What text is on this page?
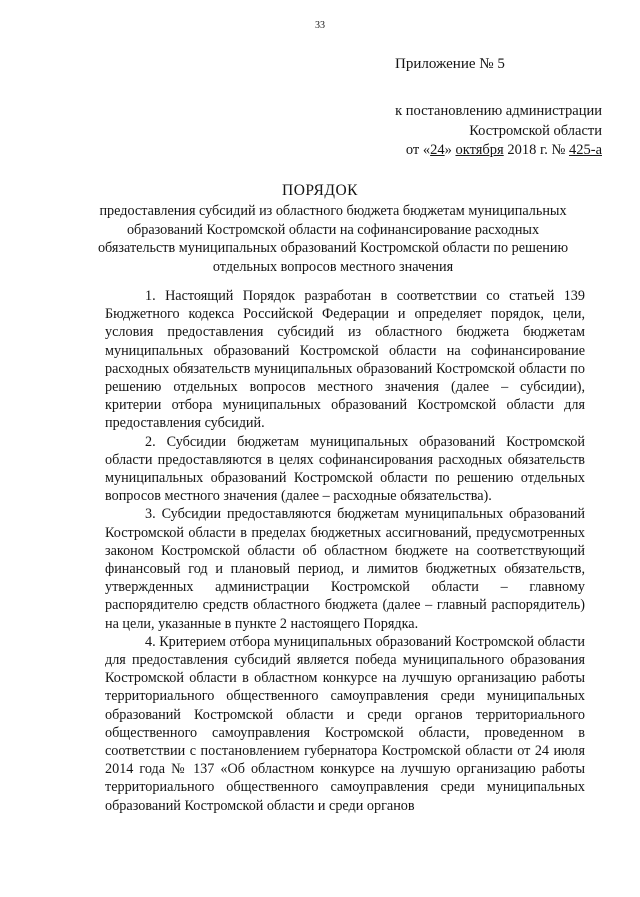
33
Приложение № 5
к постановлению администрации
Костромской области
от «24» октября 2018 г. № 425-а
ПОРЯДОК
предоставления субсидий из областного бюджета бюджетам муниципальных образований Костромской области на софинансирование расходных обязательств муниципальных образований Костромской области по решению отдельных вопросов местного значения

1. Настоящий Порядок разработан в соответствии со статьей 139 Бюджетного кодекса Российской Федерации и определяет порядок, цели, условия предоставления субсидий из областного бюджета бюджетам муниципальных образований Костромской области на софинансирование расходных обязательств муниципальных образований Костромской области по решению отдельных вопросов местного значения (далее – субсидии), критерии отбора муниципальных образований Костромской области для предоставления субсидий.

2. Субсидии бюджетам муниципальных образований Костромской области предоставляются в целях софинансирования расходных обязательств муниципальных образований Костромской области по решению отдельных вопросов местного значения (далее – расходные обязательства).

3. Субсидии предоставляются бюджетам муниципальных образований Костромской области в пределах бюджетных ассигнований, предусмотренных законом Костромской области об областном бюджете на соответствующий финансовый год и плановый период, и лимитов бюджетных обязательств, утвержденных администрации Костромской области – главному распорядителю средств областного бюджета (далее – главный распорядитель) на цели, указанные в пункте 2 настоящего Порядка.

4. Критерием отбора муниципальных образований Костромской области для предоставления субсидий является победа муниципального образования Костромской области в областном конкурсе на лучшую организацию работы территориального общественного самоуправления среди муниципальных образований Костромской области и среди органов территориального общественного самоуправления Костромской области, проведенном в соответствии с постановлением губернатора Костромской области от 24 июля 2014 года № 137 «Об областном конкурсе на лучшую организацию работы территориального общественного самоуправления среди муниципальных образований Костромской области и среди органов
